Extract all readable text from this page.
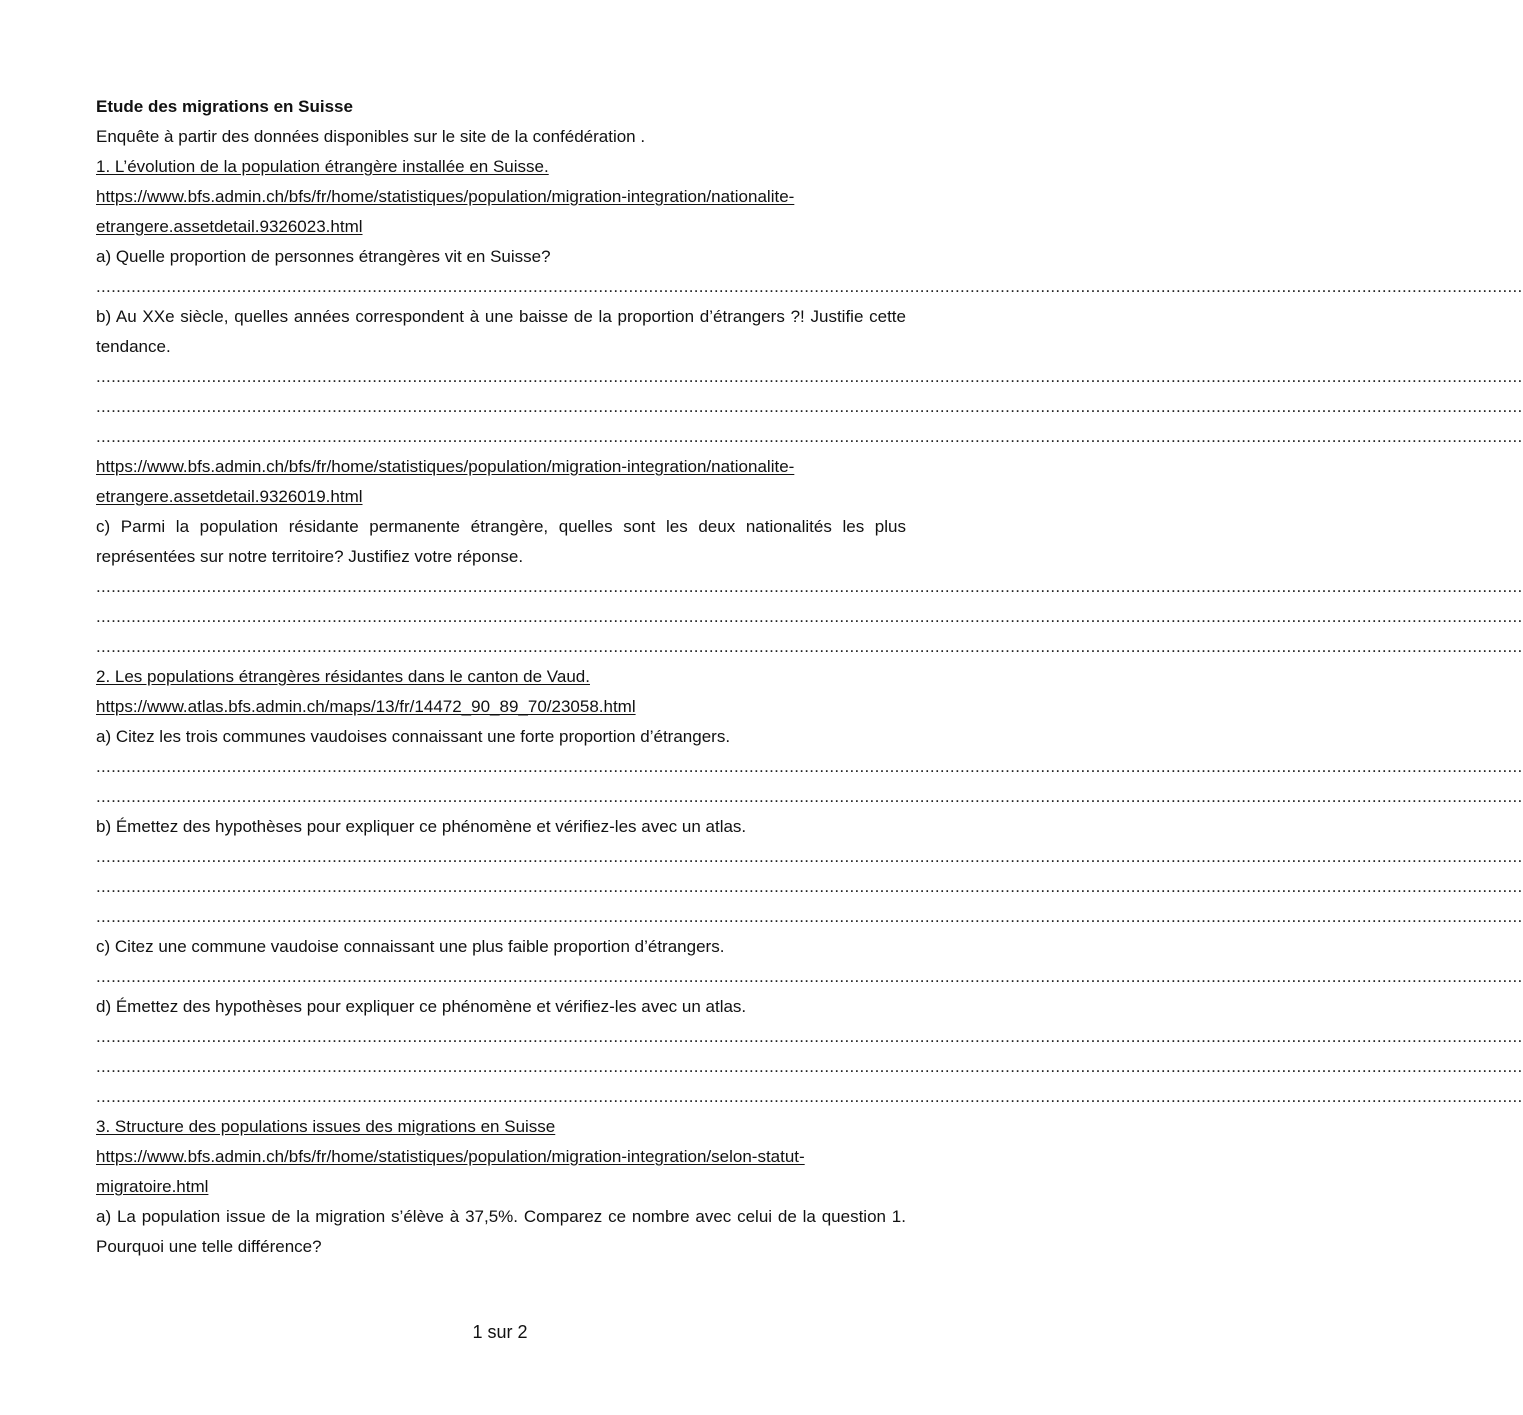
Etude des migrations en Suisse
Enquête à partir des données disponibles sur le site de la confédération .
1. L’évolution de la population étrangère installée en Suisse.
https://www.bfs.admin.ch/bfs/fr/home/statistiques/population/migration-integration/nationalite-
etrangere.assetdetail.9326023.html
a) Quelle proportion de personnes étrangères vit en Suisse?
............................................................................................................................................................................................................................................................................................
b) Au XXe siècle, quelles années correspondent à une baisse de la proportion d’étrangers ?! Justifie cette tendance.
............................................................................................................................................................................................................................................................................................
............................................................................................................................................................................................................................................................................................
............................................................................................................................................................................................................................................................................................
https://www.bfs.admin.ch/bfs/fr/home/statistiques/population/migration-integration/nationalite-
etrangere.assetdetail.9326019.html
c) Parmi la population résidante permanente étrangère, quelles sont les deux nationalités les plus représentées sur notre territoire? Justifiez votre réponse.
............................................................................................................................................................................................................................................................................................
............................................................................................................................................................................................................................................................................................
............................................................................................................................................................................................................................................................................................
2. Les populations étrangères résidantes dans le canton de Vaud.
https://www.atlas.bfs.admin.ch/maps/13/fr/14472_90_89_70/23058.html
a) Citez les trois communes vaudoises connaissant une forte proportion d’étrangers.
............................................................................................................................................................................................................................................................................................
............................................................................................................................................................................................................................................................................................
b) Émettez des hypothèses pour expliquer ce phénomène et vérifiez-les avec un atlas.
............................................................................................................................................................................................................................................................................................
............................................................................................................................................................................................................................................................................................
............................................................................................................................................................................................................................................................................................
c) Citez une commune vaudoise connaissant une plus faible proportion d’étrangers.
............................................................................................................................................................................................................................................................................................
d) Émettez des hypothèses pour expliquer ce phénomène et vérifiez-les avec un atlas.
............................................................................................................................................................................................................................................................................................
............................................................................................................................................................................................................................................................................................
............................................................................................................................................................................................................................................................................................
3. Structure des populations issues des migrations en Suisse
https://www.bfs.admin.ch/bfs/fr/home/statistiques/population/migration-integration/selon-statut-
migratoire.html
a) La population issue de la migration s’élève à 37,5%. Comparez ce nombre avec celui de la question 1. Pourquoi une telle différence?
1 sur 2
